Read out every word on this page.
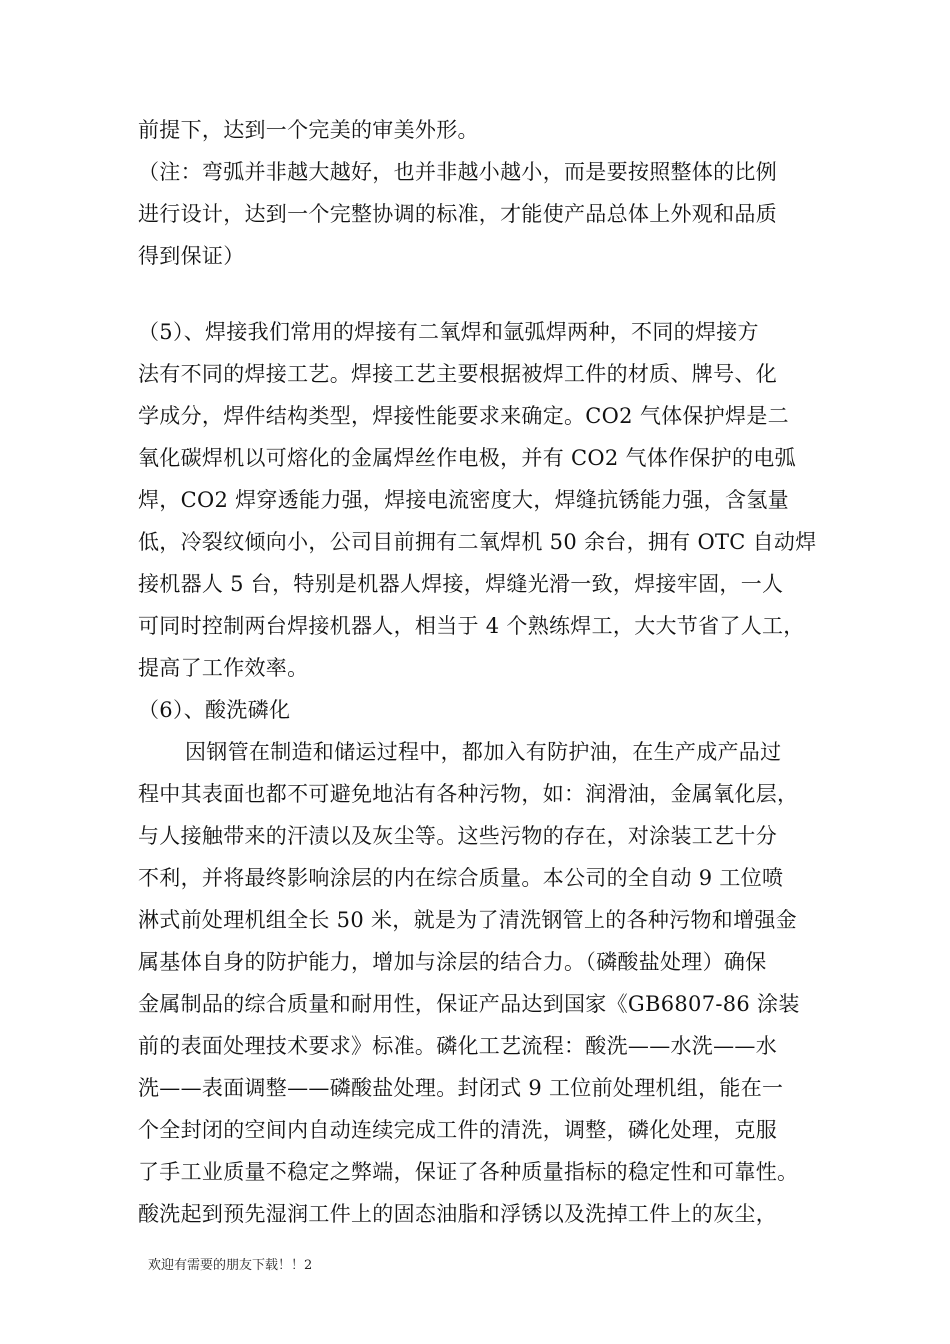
前提下，达到一个完美的审美外形。
（注：弯弧并非越大越好，也并非越小越小，而是要按照整体的比例
进行设计，达到一个完整协调的标准，才能使产品总体上外观和品质
得到保证）
（5）、焊接我们常用的焊接有二氧焊和氩弧焊两种，不同的焊接方
法有不同的焊接工艺。焊接工艺主要根据被焊工件的材质、牌号、化
学成分，焊件结构类型，焊接性能要求来确定。CO2 气体保护焊是二
氧化碳焊机以可熔化的金属焊丝作电极，并有 CO2 气体作保护的电弧
焊，CO2 焊穿透能力强，焊接电流密度大，焊缝抗锈能力强，含氢量
低，冷裂纹倾向小，公司目前拥有二氧焊机 50 余台，拥有 OTC 自动焊
接机器人 5 台，特别是机器人焊接，焊缝光滑一致，焊接牢固，一人
可同时控制两台焊接机器人，相当于 4 个熟练焊工，大大节省了人工，
提高了工作效率。
（6）、酸洗磷化
因钢管在制造和储运过程中，都加入有防护油，在生产成产品过
程中其表面也都不可避免地沾有各种污物，如：润滑油，金属氧化层，
与人接触带来的汗渍以及灰尘等。这些污物的存在，对涂装工艺十分
不利，并将最终影响涂层的内在综合质量。本公司的全自动 9 工位喷
淋式前处理机组全长 50 米，就是为了清洗钢管上的各种污物和增强金
属基体自身的防护能力，增加与涂层的结合力。（磷酸盐处理）确保
金属制品的综合质量和耐用性，保证产品达到国家《GB6807-86 涂装
前的表面处理技术要求》标准。磷化工艺流程：酸洗——水洗——水
洗——表面调整——磷酸盐处理。封闭式 9 工位前处理机组，能在一
个全封闭的空间内自动连续完成工件的清洗，调整，磷化处理，克服
了手工业质量不稳定之弊端，保证了各种质量指标的稳定性和可靠性。
酸洗起到预先湿润工件上的固态油脂和浮锈以及洗掉工件上的灰尘，
欢迎有需要的朋友下载！！2
